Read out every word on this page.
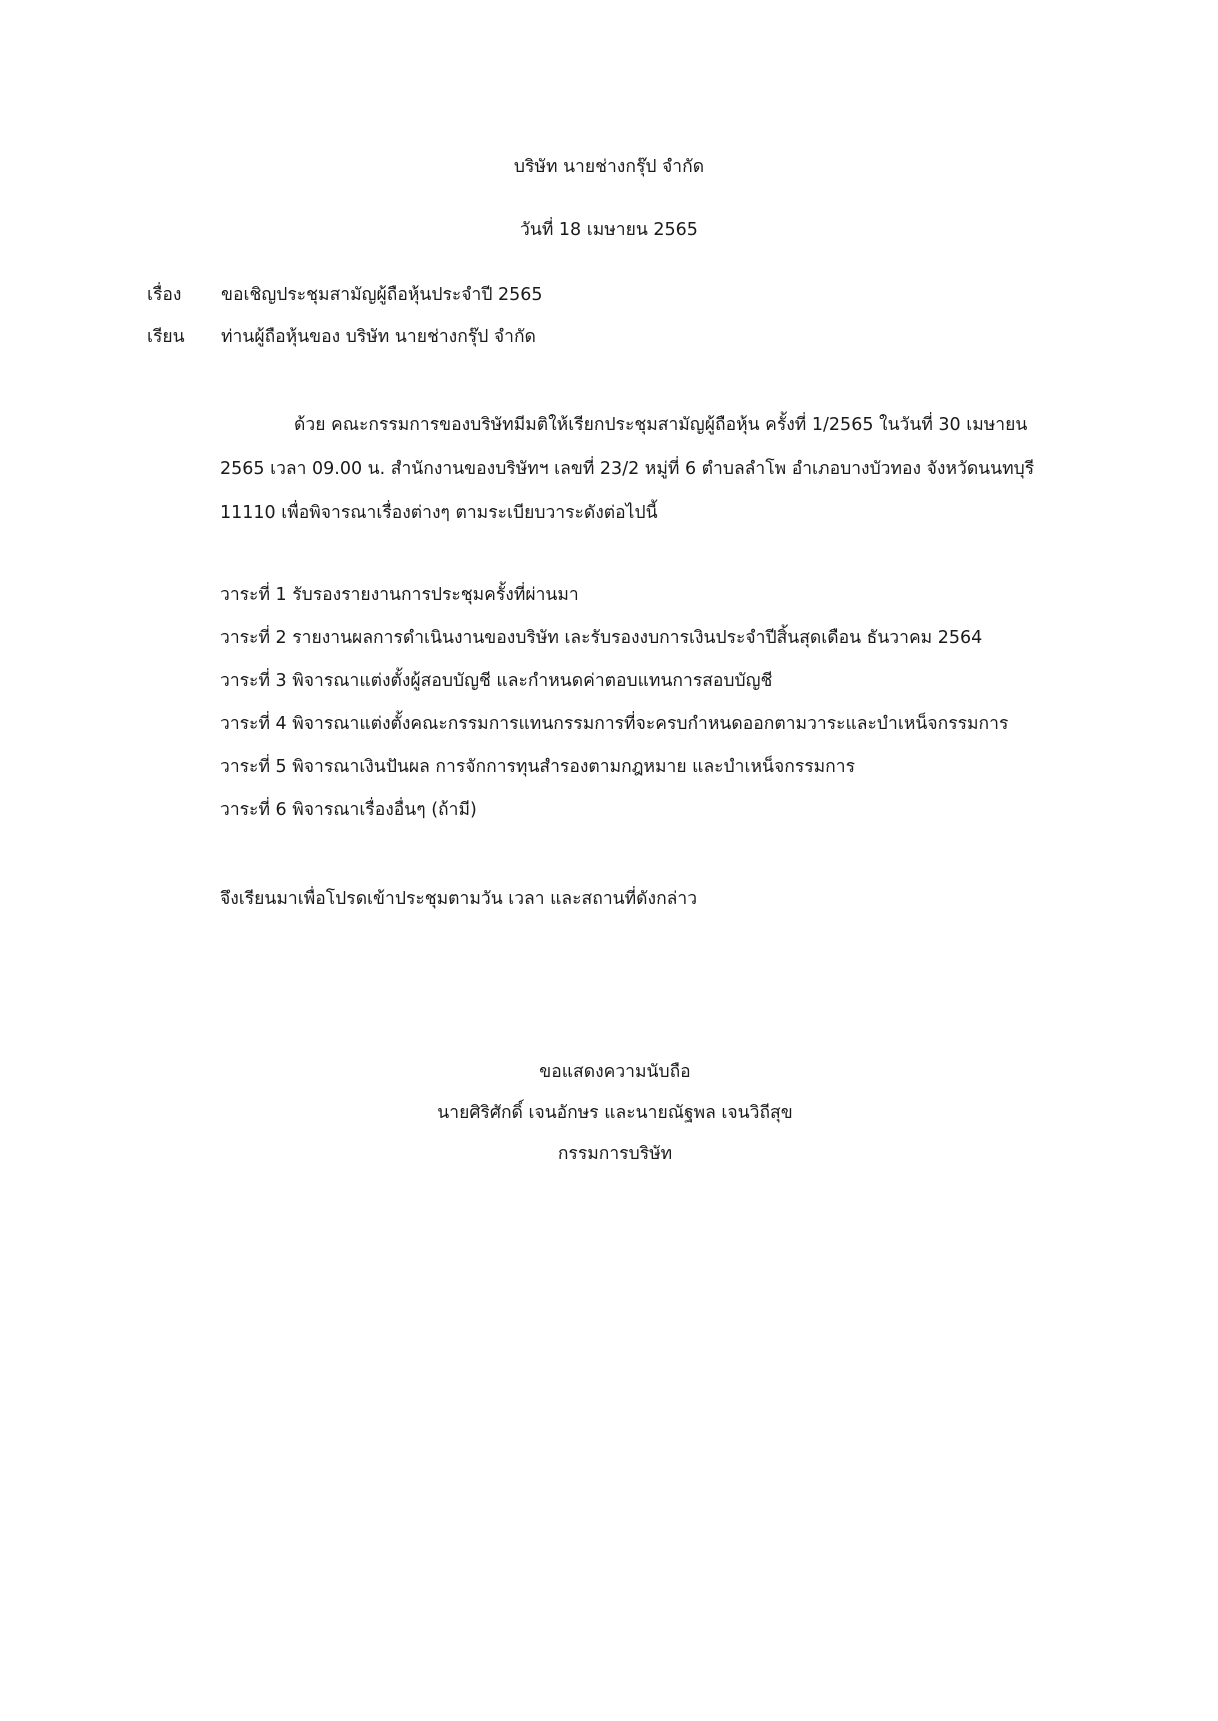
บริษัท นายช่างกรุ๊ป จำกัด
วันที่ 18 เมษายน 2565
เรื่อง ขอเชิญประชุมสามัญผู้ถือหุ้นประจำปี 2565
เรียน ท่านผู้ถือหุ้นของ บริษัท นายช่างกรุ๊ป จำกัด
ด้วย คณะกรรมการของบริษัทมีมติให้เรียกประชุมสามัญผู้ถือหุ้น ครั้งที่ 1/2565 ในวันที่ 30 เมษายน
2565 เวลา 09.00 น. สำนักงานของบริษัทฯ เลขที่ 23/2 หมู่ที่ 6 ตำบลลำโพ อำเภอบางบัวทอง จังหวัดนนทบุรี
11110 เพื่อพิจารณาเรื่องต่างๆ ตามระเบียบวาระดังต่อไปนี้
วาระที่ 1 รับรองรายงานการประชุมครั้งที่ผ่านมา
วาระที่ 2 รายงานผลการดำเนินงานของบริษัท เละรับรองงบการเงินประจำปีสิ้นสุดเดือน ธันวาคม 2564
วาระที่ 3 พิจารณาแต่งตั้งผู้สอบบัญชี และกำหนดค่าตอบแทนการสอบบัญชี
วาระที่ 4 พิจารณาแต่งตั้งคณะกรรมการแทนกรรมการที่จะครบกำหนดออกตามวาระและบำเหน็จกรรมการ
วาระที่ 5 พิจารณาเงินปันผล การจักการทุนสำรองตามกฎหมาย และบำเหน็จกรรมการ
วาระที่ 6 พิจารณาเรื่องอื่นๆ (ถ้ามี)
จึงเรียนมาเพื่อโปรดเข้าประชุมตามวัน เวลา และสถานที่ดังกล่าว
ขอแสดงความนับถือ
นายศิริศักดิ์ เจนอักษร และนายณัฐพล เจนวิถีสุข
กรรมการบริษัท
